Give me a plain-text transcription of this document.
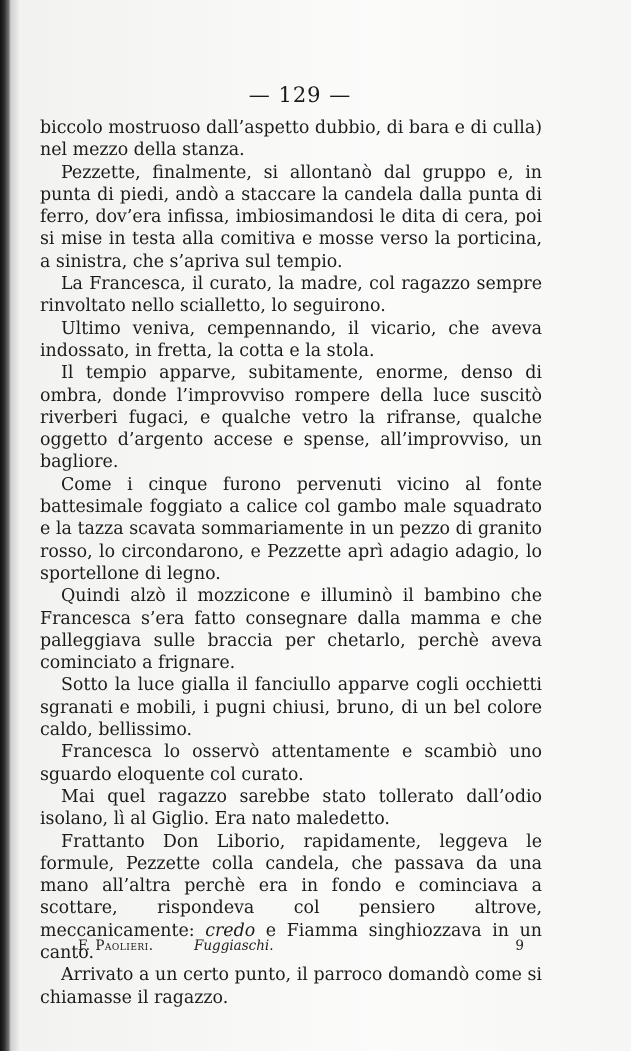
— 129 —

biccolo mostruoso dall’aspetto dubbio, di bara e di culla) nel mezzo della stanza.

Pezzette, finalmente, si allontanò dal gruppo e, in punta di piedi, andò a staccare la candela dalla punta di ferro, dov’era infissa, imbiosimandosi le dita di cera, poi si mise in testa alla comitiva e mosse verso la porticina, a sinistra, che s’apriva sul tempio.

La Francesca, il curato, la madre, col ragazzo sempre rinvoltato nello scialletto, lo seguirono.

Ultimo veniva, cempennando, il vicario, che aveva indossato, in fretta, la cotta e la stola.

Il tempio apparve, subitamente, enorme, denso di ombra, donde l’improvviso rompere della luce suscitò riverberi fugaci, e qualche vetro la rifranse, qualche oggetto d’argento accese e spense, all’improvviso, un bagliore.

Come i cinque furono pervenuti vicino al fonte battesimale foggiato a calice col gambo male squadrato e la tazza scavata sommariamente in un pezzo di granito rosso, lo circondarono, e Pezzette aprì adagio adagio, lo sportellone di legno.

Quindi alzò il mozzicone e illuminò il bambino che Francesca s’era fatto consegnare dalla mamma e che palleggiava sulle braccia per chetarlo, perchè aveva cominciato a frignare.

Sotto la luce gialla il fanciullo apparve cogli occhietti sgranati e mobili, i pugni chiusi, bruno, di un bel colore caldo, bellissimo.

Francesca lo osservò attentamente e scambiò uno sguardo eloquente col curato.

Mai quel ragazzo sarebbe stato tollerato dall’odio isolano, lì al Giglio. Era nato maledetto.

Frattanto Don Liborio, rapidamente, leggeva le formule, Pezzette colla candela, che passava da una mano all’altra perchè era in fondo e cominciava a scottare, rispondeva col pensiero altrove, meccanicamente: credo e Fiamma singhiozzava in un canto.

Arrivato a un certo punto, il parroco domandò come si chiamasse il ragazzo.

F. Paolieri.	Fuggiaschi.	9
